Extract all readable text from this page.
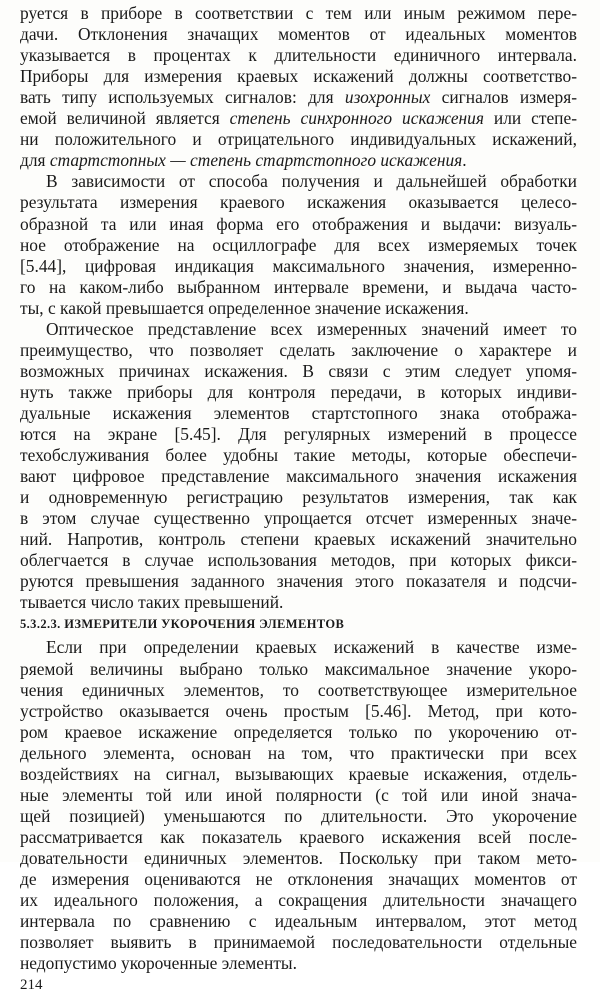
5.3.2.3. ИЗМЕРИТЕЛИ УКОРОЧЕНИЯ ЭЛЕМЕНТОВ
214
руется в приборе в соответствии с тем или иным режимом пере-
дачи. Отклонения значащих моментов от идеальных моментов
указывается в процентах к длительности единичного интервала.
Приборы для измерения краевых искажений должны соответство-
вать типу используемых сигналов: для изохронных сигналов измеря-
емой величиной является степень синхронного искажения или степе-
ни положительного и отрицательного индивидуальных искажений,
для стартстопных — степень стартстопного искажения.
В зависимости от способа получения и дальнейшей обработки
результата измерения краевого искажения оказывается целесо-
образной та или иная форма его отображения и выдачи: визуаль-
ное отображение на осциллографе для всех измеряемых точек
[5.44], цифровая индикация максимального значения, измеренно-
го на каком-либо выбранном интервале времени, и выдача часто-
ты, с какой превышается определенное значение искажения.
Оптическое представление всех измеренных значений имеет то
преимущество, что позволяет сделать заключение о характере и
возможных причинах искажения. В связи с этим следует упомя-
нуть также приборы для контроля передачи, в которых индиви-
дуальные искажения элементов стартстопного знака отобража-
ются на экране [5.45]. Для регулярных измерений в процессе
техобслуживания более удобны такие методы, которые обеспечи-
вают цифровое представление максимального значения искажения
и одновременную регистрацию результатов измерения, так как
в этом случае существенно упрощается отсчет измеренных значе-
ний. Напротив, контроль степени краевых искажений значительно
облегчается в случае использования методов, при которых фикси-
руются превышения заданного значения этого показателя и подсчи-
тывается число таких превышений.
Если при определении краевых искажений в качестве изме-
ряемой величины выбрано только максимальное значение укоро-
чения единичных элементов, то соответствующее измерительное
устройство оказывается очень простым [5.46]. Метод, при кото-
ром краевое искажение определяется только по укорочению от-
дельного элемента, основан на том, что практически при всех
воздействиях на сигнал, вызывающих краевые искажения, отдель-
ные элементы той или иной полярности (с той или иной знача-
щей позицией) уменьшаются по длительности. Это укорочение
рассматривается как показатель краевого искажения всей после-
довательности единичных элементов. Поскольку при таком мето-
де измерения оцениваются не отклонения значащих моментов от
их идеального положения, а сокращения длительности значащего
интервала по сравнению с идеальным интервалом, этот метод
позволяет выявить в принимаемой последовательности отдельные
недопустимо укороченные элементы.
